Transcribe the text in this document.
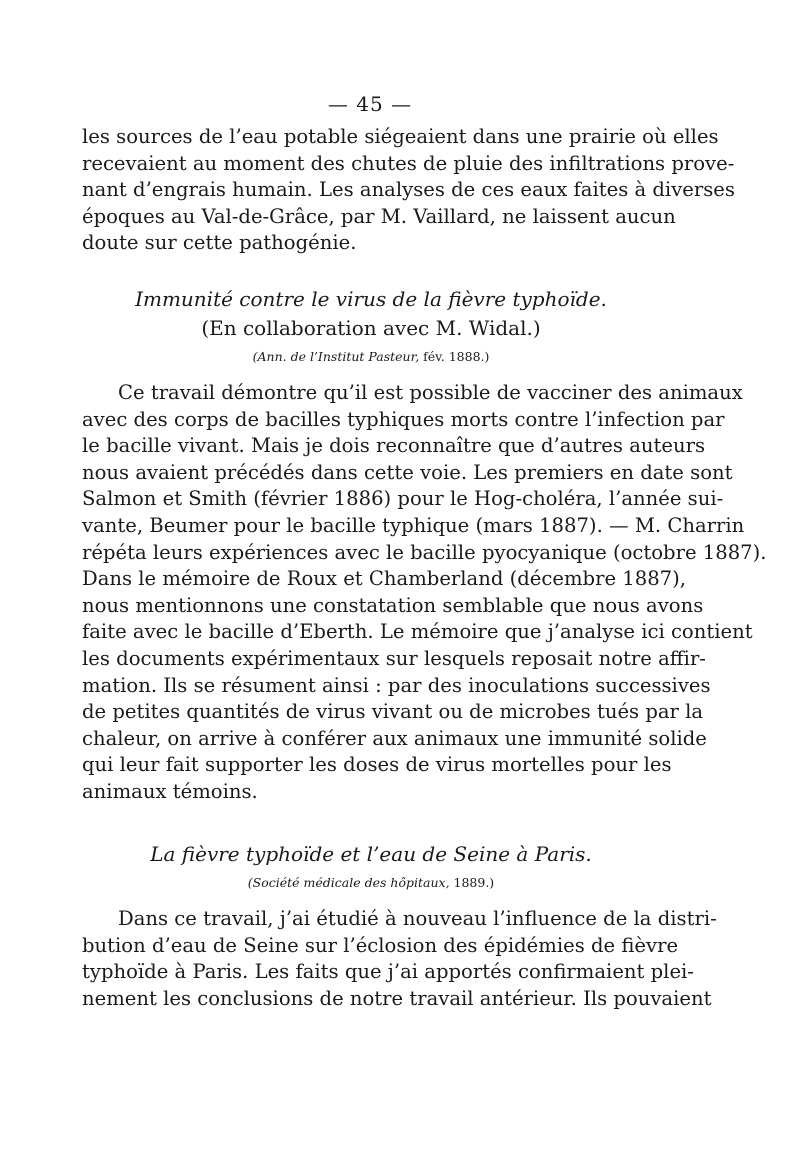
— 45 —

les sources de l’eau potable siégeaient dans une prairie où elles
recevaient au moment des chutes de pluie des infiltrations prove-
nant d’engrais humain. Les analyses de ces eaux faites à diverses
époques au Val-de-Grâce, par M. Vaillard, ne laissent aucun
doute sur cette pathogénie.

Immunité contre le virus de la fièvre typhoïde.

(En collaboration avec M. Widal.)

(Ann. de l’Institut Pasteur, fév. 1888.)

Ce travail démontre qu’il est possible de vacciner des animaux
avec des corps de bacilles typhiques morts contre l’infection par
le bacille vivant. Mais je dois reconnaître que d’autres auteurs
nous avaient précédés dans cette voie. Les premiers en date sont
Salmon et Smith (février 1886) pour le Hog-choléra, l’année sui-
vante, Beumer pour le bacille typhique (mars 1887). — M. Charrin
répéta leurs expériences avec le bacille pyocyanique (octobre 1887).
Dans le mémoire de Roux et Chamberland (décembre 1887),
nous mentionnons une constatation semblable que nous avons
faite avec le bacille d’Eberth. Le mémoire que j’analyse ici contient
les documents expérimentaux sur lesquels reposait notre affir-
mation. Ils se résument ainsi : par des inoculations successives
de petites quantités de virus vivant ou de microbes tués par la
chaleur, on arrive à conférer aux animaux une immunité solide
qui leur fait supporter les doses de virus mortelles pour les
animaux témoins.

La fièvre typhoïde et l’eau de Seine à Paris.

(Société médicale des hôpitaux, 1889.)

Dans ce travail, j’ai étudié à nouveau l’influence de la distri-
bution d’eau de Seine sur l’éclosion des épidémies de fièvre
typhoïde à Paris. Les faits que j’ai apportés confirmaient plei-
nement les conclusions de notre travail antérieur. Ils pouvaient
